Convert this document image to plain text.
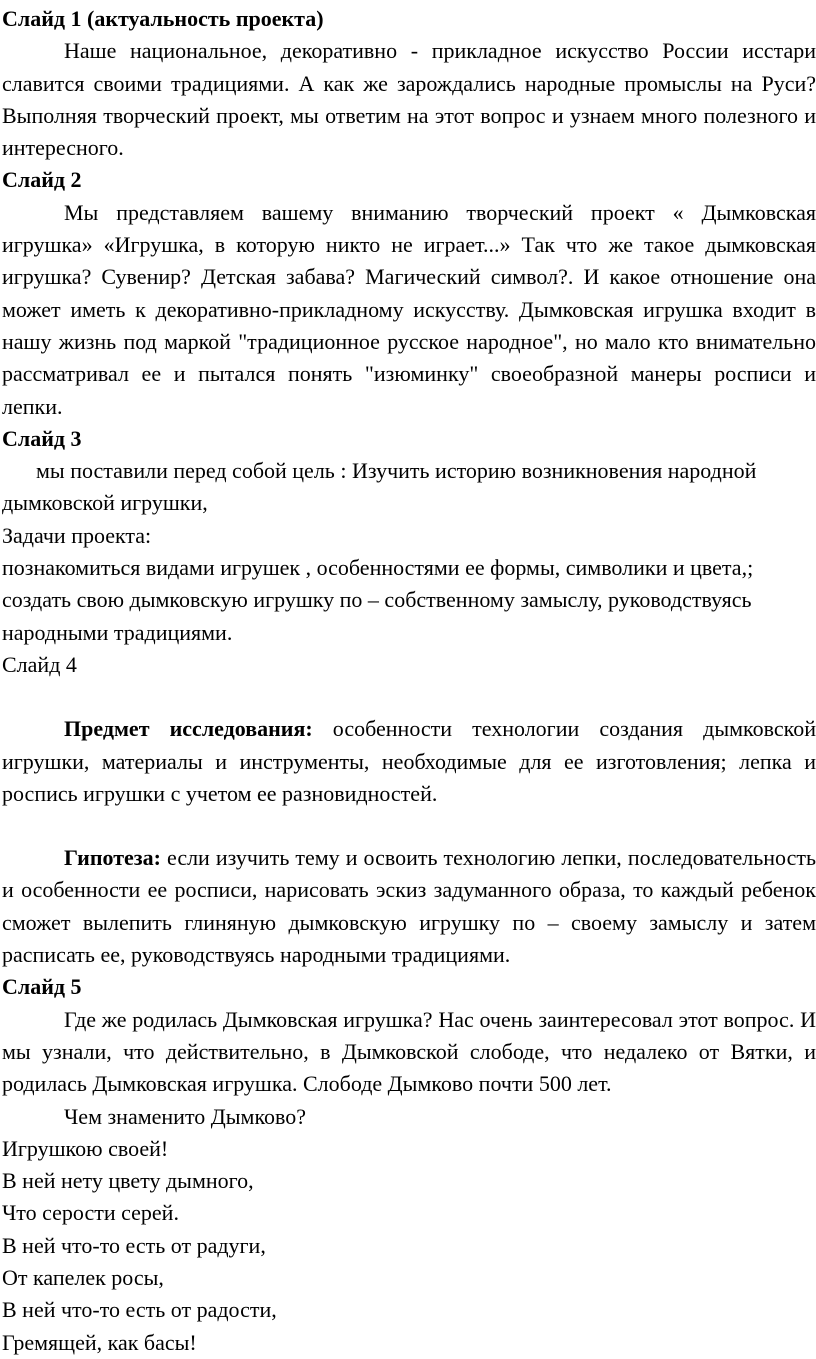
Слайд 1 (актуальность проекта)

Наше национальное, декоративно - прикладное искусство России исстари славится своими традициями. А как же зарождались народные промыслы на Руси? Выполняя творческий проект, мы ответим на этот вопрос и узнаем много полезного и интересного.

Слайд 2

Мы представляем вашему вниманию творческий проект « Дымковская игрушка» «Игрушка, в которую никто не играет...» Так что же такое дымковская игрушка? Сувенир? Детская забава? Магический символ?. И какое отношение она может иметь к декоративно-прикладному искусству. Дымковская игрушка входит в нашу жизнь под маркой "традиционное русское народное", но мало кто внимательно рассматривал ее и пытался понять "изюминку" своеобразной манеры росписи и лепки.

Слайд 3

мы поставили перед собой цель : Изучить историю возникновения народной дымковской игрушки,

Задачи проекта:

познакомиться видами игрушек , особенностями ее формы, символики и цвета,;

создать свою дымковскую игрушку по – собственному замыслу, руководствуясь народными традициями.

Слайд 4

Предмет исследования: особенности технологии создания дымковской игрушки, материалы и инструменты, необходимые для ее изготовления; лепка и роспись игрушки с учетом ее разновидностей.

Гипотеза: если изучить тему и освоить технологию лепки, последовательность и особенности ее росписи, нарисовать эскиз задуманного образа, то каждый ребенок сможет вылепить глиняную дымковскую игрушку по – своему замыслу и затем расписать ее, руководствуясь народными традициями.

Слайд 5

Где же родилась Дымковская игрушка? Нас очень заинтересовал этот вопрос. И мы узнали, что действительно, в Дымковской слободе, что недалеко от Вятки, и родилась Дымковская игрушка. Слободе Дымково почти 500 лет.

Чем знаменито Дымково?

Игрушкою своей!

В ней нету цвету дымного,

Что серости серей.

В ней что-то есть от радуги,

От капелек росы,

В ней что-то есть от радости,

Гремящей, как басы!
